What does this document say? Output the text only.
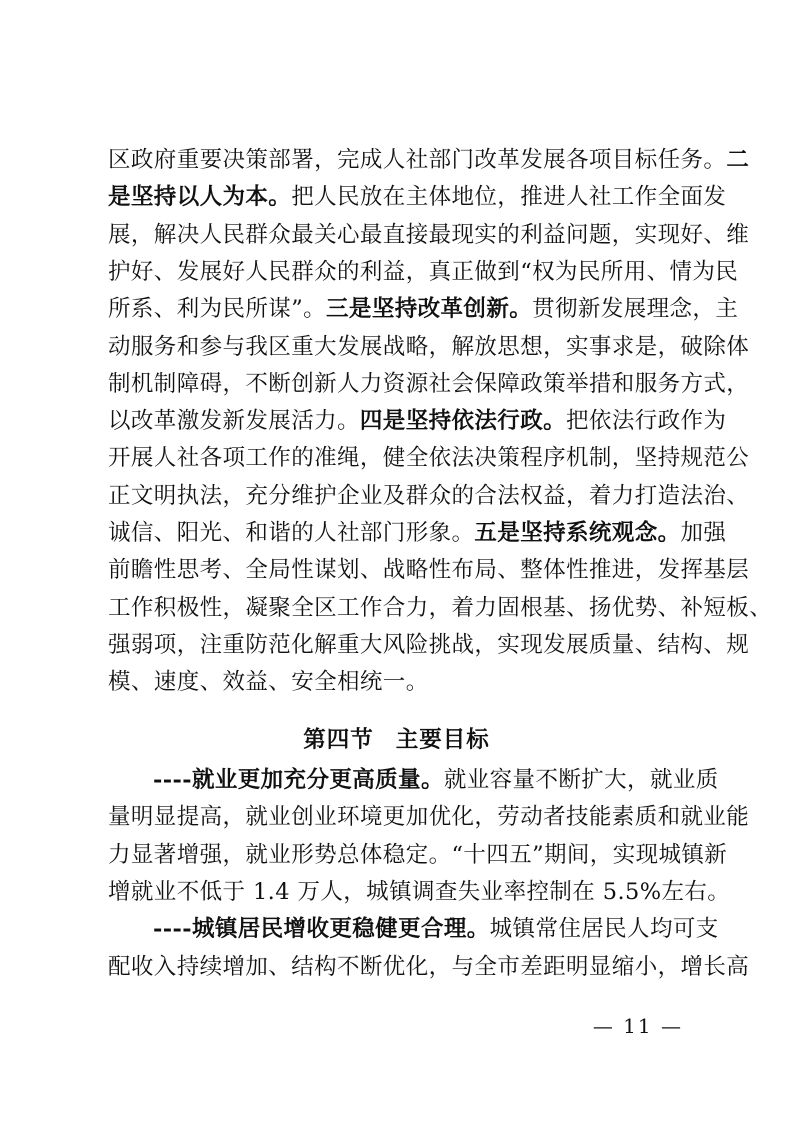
区政府重要决策部署，完成人社部门改革发展各项目标任务。二
是坚持以人为本。把人民放在主体地位，推进人社工作全面发
展，解决人民群众最关心最直接最现实的利益问题，实现好、维
护好、发展好人民群众的利益，真正做到“权为民所用、情为民
所系、利为民所谋”。三是坚持改革创新。贯彻新发展理念，主
动服务和参与我区重大发展战略，解放思想，实事求是，破除体
制机制障碍，不断创新人力资源社会保障政策举措和服务方式，
以改革激发新发展活力。四是坚持依法行政。把依法行政作为
开展人社各项工作的准绳，健全依法决策程序机制，坚持规范公
正文明执法，充分维护企业及群众的合法权益，着力打造法治、
诚信、阳光、和谐的人社部门形象。五是坚持系统观念。加强
前瞻性思考、全局性谋划、战略性布局、整体性推进，发挥基层
工作积极性，凝聚全区工作合力，着力固根基、扬优势、补短板、
强弱项，注重防范化解重大风险挑战，实现发展质量、结构、规
模、速度、效益、安全相统一。
第四节 主要目标
----就业更加充分更高质量。就业容量不断扩大，就业质
量明显提高，就业创业环境更加优化，劳动者技能素质和就业能
力显著增强，就业形势总体稳定。“十四五”期间，实现城镇新
增就业不低于 1.4 万人，城镇调查失业率控制在 5.5%左右。
----城镇居民增收更稳健更合理。城镇常住居民人均可支
配收入持续增加、结构不断优化，与全市差距明显缩小，增长高
— 11 —
